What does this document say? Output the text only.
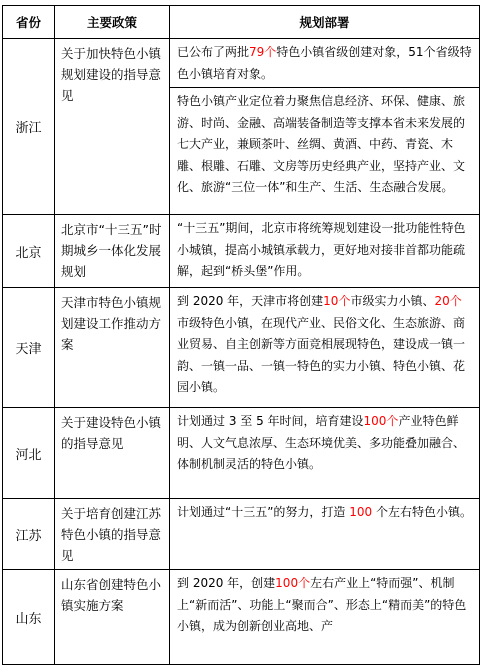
省份	主要政策	规划部署
浙江	关于加快特色小镇规划建设的指导意见	已公布了两批79个特色小镇省级创建对象，51个省级特色小镇培育对象。
		特色小镇产业定位着力聚焦信息经济、环保、健康、旅游、时尚、金融、高端装备制造等支撑本省未来发展的七大产业，兼顾茶叶、丝绸、黄酒、中药、青瓷、木雕、根雕、石雕、文房等历史经典产业，坚持产业、文化、旅游“三位一体”和生产、生活、生态融合发展。
北京	北京市“十三五”时期城乡一体化发展规划	“十三五”期间，北京市将统筹规划建设一批功能性特色小城镇，提高小城镇承载力，更好地对接非首都功能疏解，起到“桥头堡”作用。
天津	天津市特色小镇规划建设工作推动方案	到 2020 年，天津市将创建10个市级实力小镇、20个市级特色小镇，在现代产业、民俗文化、生态旅游、商业贸易、自主创新等方面竞相展现特色，建设成一镇一韵、一镇一品、一镇一特色的实力小镇、特色小镇、花园小镇。
河北	关于建设特色小镇的指导意见	计划通过 3 至 5 年时间，培育建设100个产业特色鲜明、人文气息浓厚、生态环境优美、多功能叠加融合、体制机制灵活的特色小镇。
江苏	关于培育创建江苏特色小镇的指导意见	计划通过“十三五”的努力，打造 100 个左右特色小镇。
山东	山东省创建特色小镇实施方案	到 2020 年，创建100个左右产业上“特而强”、机制上“新而活”、功能上“聚而合”、形态上“精而美”的特色小镇，成为创新创业高地、产
